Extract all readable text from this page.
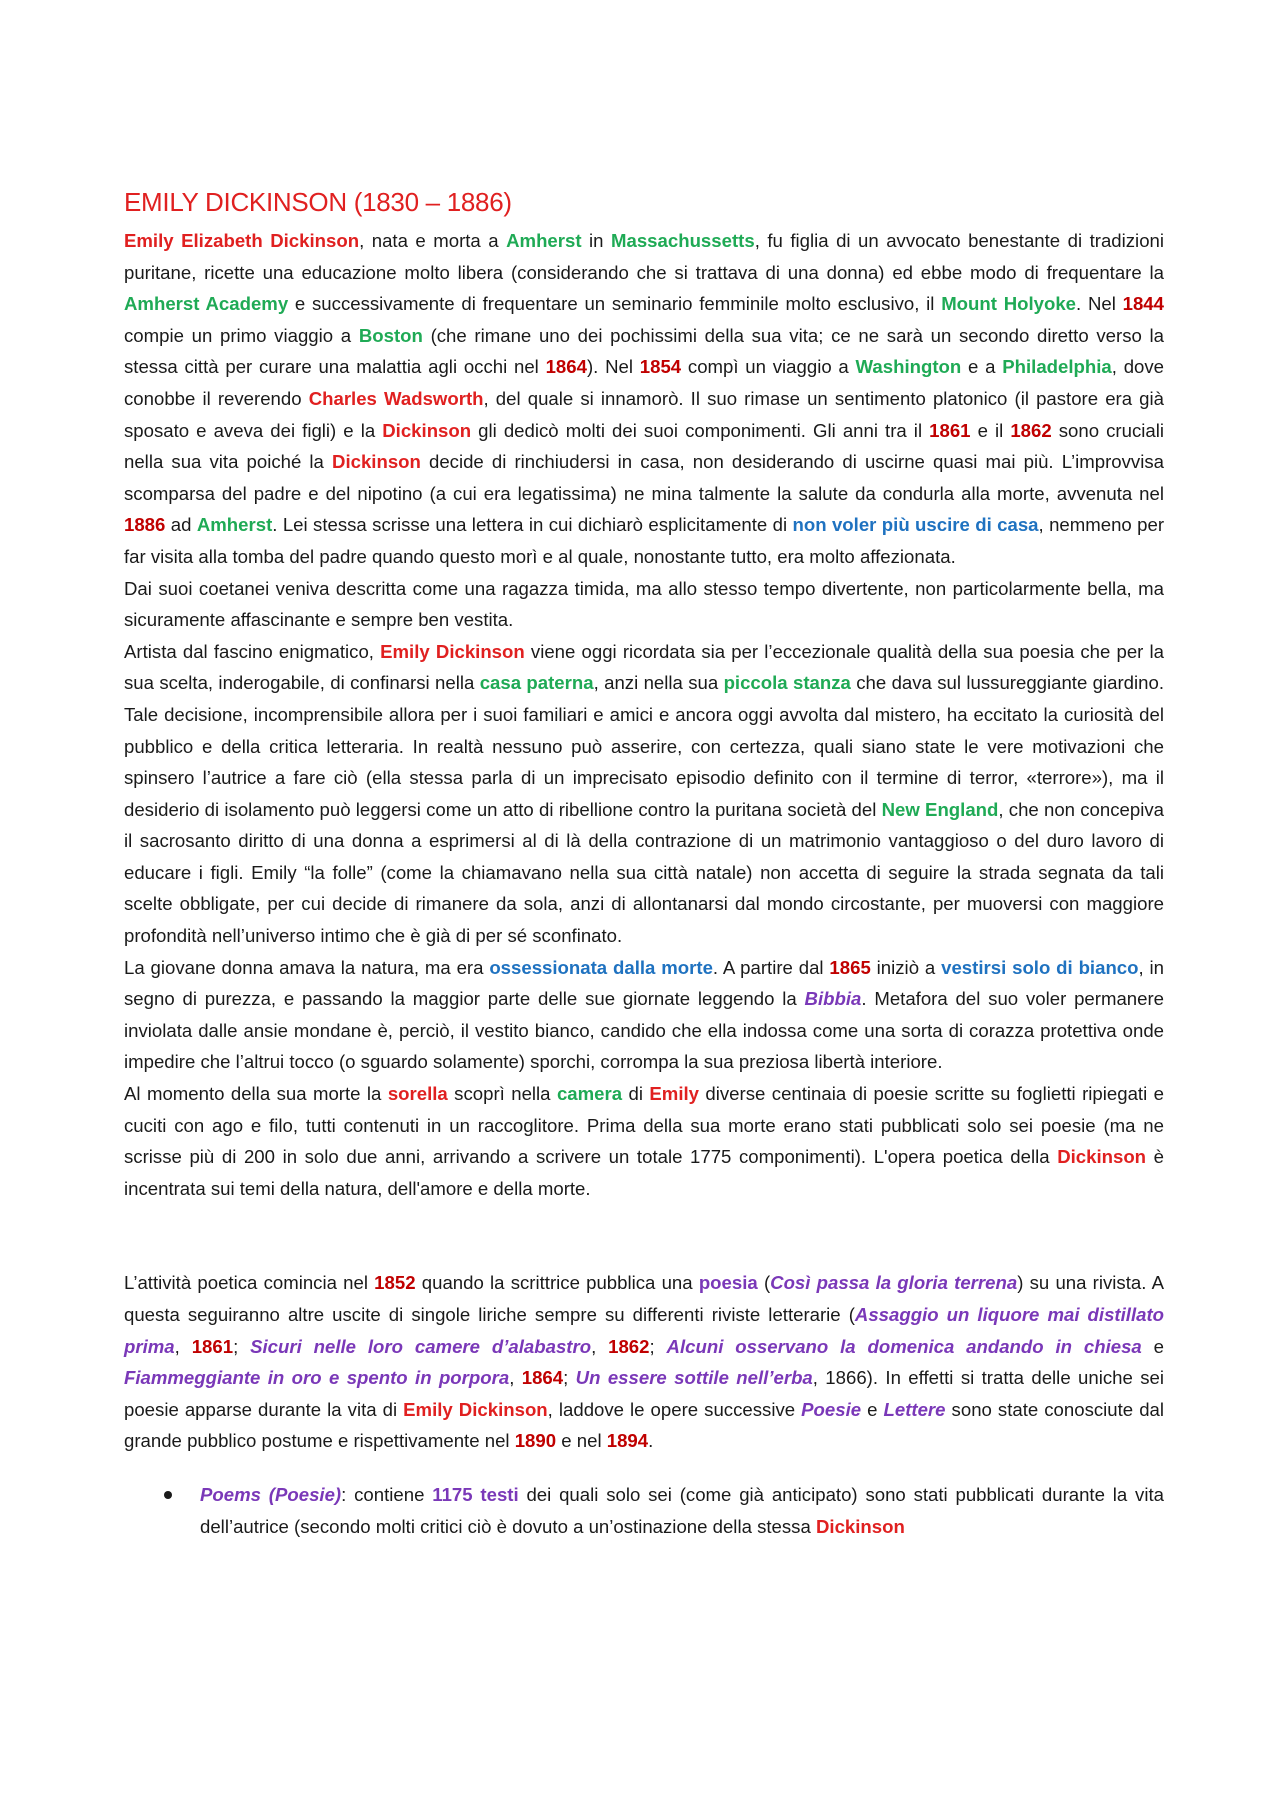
EMILY DICKINSON (1830 – 1886)

Emily Elizabeth Dickinson, nata e morta a Amherst in Massachussetts, fu figlia di un avvocato benestante di tradizioni puritane, ricette una educazione molto libera (considerando che si trattava di una donna) ed ebbe modo di frequentare la Amherst Academy e successivamente di frequentare un seminario femminile molto esclusivo, il Mount Holyoke. Nel 1844 compie un primo viaggio a Boston (che rimane uno dei pochissimi della sua vita; ce ne sarà un secondo diretto verso la stessa città per curare una malattia agli occhi nel 1864). Nel 1854 compì un viaggio a Washington e a Philadelphia, dove conobbe il reverendo Charles Wadsworth, del quale si innamorò. Il suo rimase un sentimento platonico (il pastore era già sposato e aveva dei figli) e la Dickinson gli dedicò molti dei suoi componimenti. Gli anni tra il 1861 e il 1862 sono cruciali nella sua vita poiché la Dickinson decide di rinchiudersi in casa, non desiderando di uscirne quasi mai più. L’improvvisa scomparsa del padre e del nipotino (a cui era legatissima) ne mina talmente la salute da condurla alla morte, avvenuta nel 1886 ad Amherst. Lei stessa scrisse una lettera in cui dichiarò esplicitamente di non voler più uscire di casa, nemmeno per far visita alla tomba del padre quando questo morì e al quale, nonostante tutto, era molto affezionata.

Dai suoi coetanei veniva descritta come una ragazza timida, ma allo stesso tempo divertente, non particolarmente bella, ma sicuramente affascinante e sempre ben vestita.

Artista dal fascino enigmatico, Emily Dickinson viene oggi ricordata sia per l’eccezionale qualità della sua poesia che per la sua scelta, inderogabile, di confinarsi nella casa paterna, anzi nella sua piccola stanza che dava sul lussureggiante giardino. Tale decisione, incomprensibile allora per i suoi familiari e amici e ancora oggi avvolta dal mistero, ha eccitato la curiosità del pubblico e della critica letteraria. In realtà nessuno può asserire, con certezza, quali siano state le vere motivazioni che spinsero l’autrice a fare ciò (ella stessa parla di un imprecisato episodio definito con il termine di terror, «terrore»), ma il desiderio di isolamento può leggersi come un atto di ribellione contro la puritana società del New England, che non concepiva il sacrosanto diritto di una donna a esprimersi al di là della contrazione di un matrimonio vantaggioso o del duro lavoro di educare i figli. Emily “la folle” (come la chiamavano nella sua città natale) non accetta di seguire la strada segnata da tali scelte obbligate, per cui decide di rimanere da sola, anzi di allontanarsi dal mondo circostante, per muoversi con maggiore profondità nell’universo intimo che è già di per sé sconfinato.

La giovane donna amava la natura, ma era ossessionata dalla morte. A partire dal 1865 iniziò a vestirsi solo di bianco, in segno di purezza, e passando la maggior parte delle sue giornate leggendo la Bibbia. Metafora del suo voler permanere inviolata dalle ansie mondane è, perciò, il vestito bianco, candido che ella indossa come una sorta di corazza protettiva onde impedire che l’altrui tocco (o sguardo solamente) sporchi, corrompa la sua preziosa libertà interiore.

Al momento della sua morte la sorella scoprì nella camera di Emily diverse centinaia di poesie scritte su foglietti ripiegati e cuciti con ago e filo, tutti contenuti in un raccoglitore. Prima della sua morte erano stati pubblicati solo sei poesie (ma ne scrisse più di 200 in solo due anni, arrivando a scrivere un totale 1775 componimenti). L'opera poetica della Dickinson è incentrata sui temi della natura, dell'amore e della morte.

L’attività poetica comincia nel 1852 quando la scrittrice pubblica una poesia (Così passa la gloria terrena) su una rivista. A questa seguiranno altre uscite di singole liriche sempre su differenti riviste letterarie (Assaggio un liquore mai distillato prima, 1861; Sicuri nelle loro camere d’alabastro, 1862; Alcuni osservano la domenica andando in chiesa e Fiammeggiante in oro e spento in porpora, 1864; Un essere sottile nell’erba, 1866). In effetti si tratta delle uniche sei poesie apparse durante la vita di Emily Dickinson, laddove le opere successive Poesie e Lettere sono state conosciute dal grande pubblico postume e rispettivamente nel 1890 e nel 1894.

Poems (Poesie): contiene 1175 testi dei quali solo sei (come già anticipato) sono stati pubblicati durante la vita dell’autrice (secondo molti critici ciò è dovuto a un’ostinazione della stessa Dickinson
